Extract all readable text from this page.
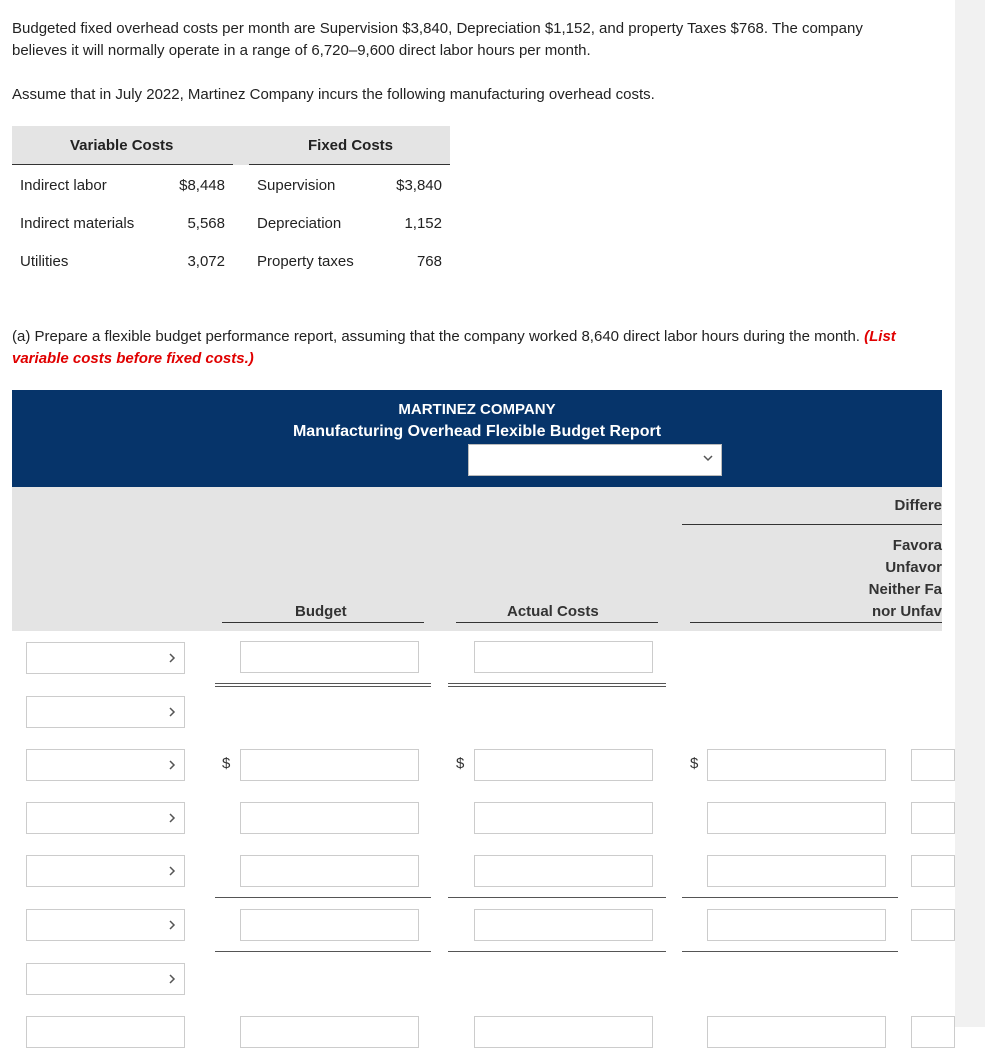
Budgeted fixed overhead costs per month are Supervision $3,840, Depreciation $1,152, and property Taxes $768. The company believes it will normally operate in a range of 6,720–9,600 direct labor hours per month.
Assume that in July 2022, Martinez Company incurs the following manufacturing overhead costs.
Variable Costs	Fixed Costs
Indirect labor	$8,448 Supervision	$3,840
Indirect materials	5,568 Depreciation	1,152
Utilities	3,072 Property taxes	768
(a) Prepare a flexible budget performance report, assuming that the company worked 8,640 direct labor hours during the month. (List variable costs before fixed costs.)
MARTINEZ COMPANY
Manufacturing Overhead Flexible Budget Report
Differe
Favora
Unfavor
Neither Fa
nor Unfav
Budget	Actual Costs
$	$	$
